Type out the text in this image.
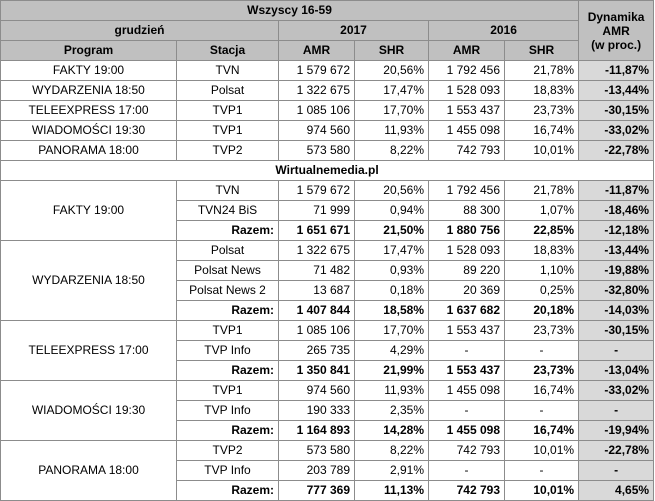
Wszyscy 16-59						Dynamika
AMR
(w proc.)

grudzień		2017		2016		
Program	Stacja	AMR	SHR	AMR	SHR	
FAKTY 19:00	TVN	1 579 672	20,56%	1 792 456	21,78%	-11,87%
WYDARZENIA 18:50	Polsat	1 322 675	17,47%	1 528 093	18,83%	-13,44%
TELEEXPRESS 17:00	TVP1	1 085 106	17,70%	1 553 437	23,73%	-30,15%
WIADOMOŚCI 19:30	TVP1	974 560	11,93%	1 455 098	16,74%	-33,02%
PANORAMA 18:00	TVP2	573 580	8,22%	742 793	10,01%	-22,78%
Wirtualnemedia.pl						
FAKTY 19:00	TVN	1 579 672	20,56%	1 792 456	21,78%	-11,87%
	TVN24 BiS	71 999	0,94%	88 300	1,07%	-18,46%
	Razem:	1 651 671	21,50%	1 880 756	22,85%	-12,18%
WYDARZENIA 18:50	Polsat	1 322 675	17,47%	1 528 093	18,83%	-13,44%
	Polsat News	71 482	0,93%	89 220	1,10%	-19,88%
	Polsat News 2	13 687	0,18%	20 369	0,25%	-32,80%
	Razem:	1 407 844	18,58%	1 637 682	20,18%	-14,03%
TELEEXPRESS 17:00	TVP1	1 085 106	17,70%	1 553 437	23,73%	-30,15%
	TVP Info	265 735	4,29%	-	-	-
	Razem:	1 350 841	21,99%	1 553 437	23,73%	-13,04%
WIADOMOŚCI 19:30	TVP1	974 560	11,93%	1 455 098	16,74%	-33,02%
	TVP Info	190 333	2,35%	-	-	-
	Razem:	1 164 893	14,28%	1 455 098	16,74%	-19,94%
PANORAMA 18:00	TVP2	573 580	8,22%	742 793	10,01%	-22,78%
	TVP Info	203 789	2,91%	-	-	-
	Razem:	777 369	11,13%	742 793	10,01%	4,65%
